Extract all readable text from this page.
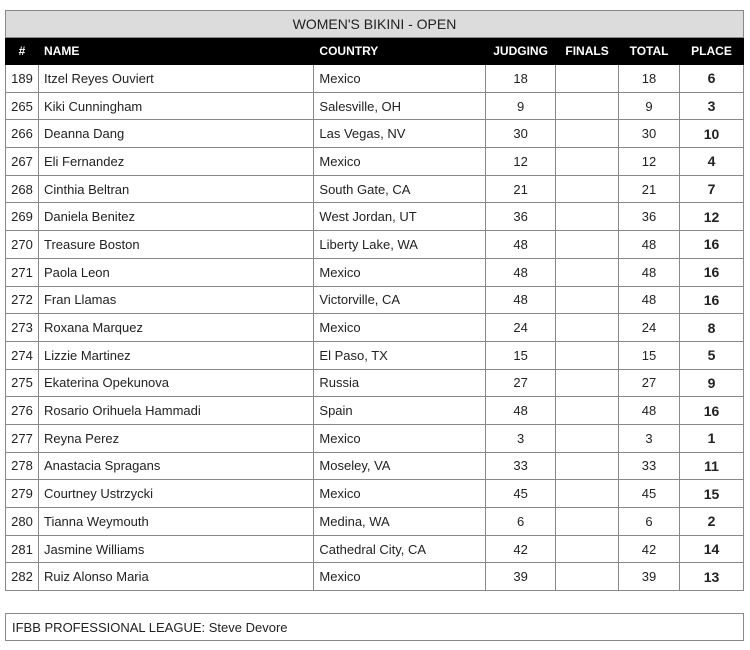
WOMEN'S BIKINI - OPEN						
#	NAME	COUNTRY	JUDGING	FINALS	TOTAL	PLACE
189	Itzel Reyes Ouviert	Mexico	18		18	6
265	Kiki Cunningham	Salesville, OH	9		9	3
266	Deanna Dang	Las Vegas, NV	30		30	10
267	Eli Fernandez	Mexico	12		12	4
268	Cinthia Beltran	South Gate, CA	21		21	7
269	Daniela Benitez	West Jordan, UT	36		36	12
270	Treasure Boston	Liberty Lake, WA	48		48	16
271	Paola Leon	Mexico	48		48	16
272	Fran Llamas	Victorville, CA	48		48	16
273	Roxana Marquez	Mexico	24		24	8
274	Lizzie Martinez	El Paso, TX	15		15	5
275	Ekaterina Opekunova	Russia	27		27	9
276	Rosario Orihuela Hammadi	Spain	48		48	16
277	Reyna Perez	Mexico	3		3	1
278	Anastacia Spragans	Moseley, VA	33		33	11
279	Courtney Ustrzycki	Mexico	45		45	15
280	Tianna Weymouth	Medina, WA	6		6	2
281	Jasmine Williams	Cathedral City, CA	42		42	14
282	Ruiz Alonso Maria	Mexico	39		39	13
IFBB PROFESSIONAL LEAGUE: Steve Devore
